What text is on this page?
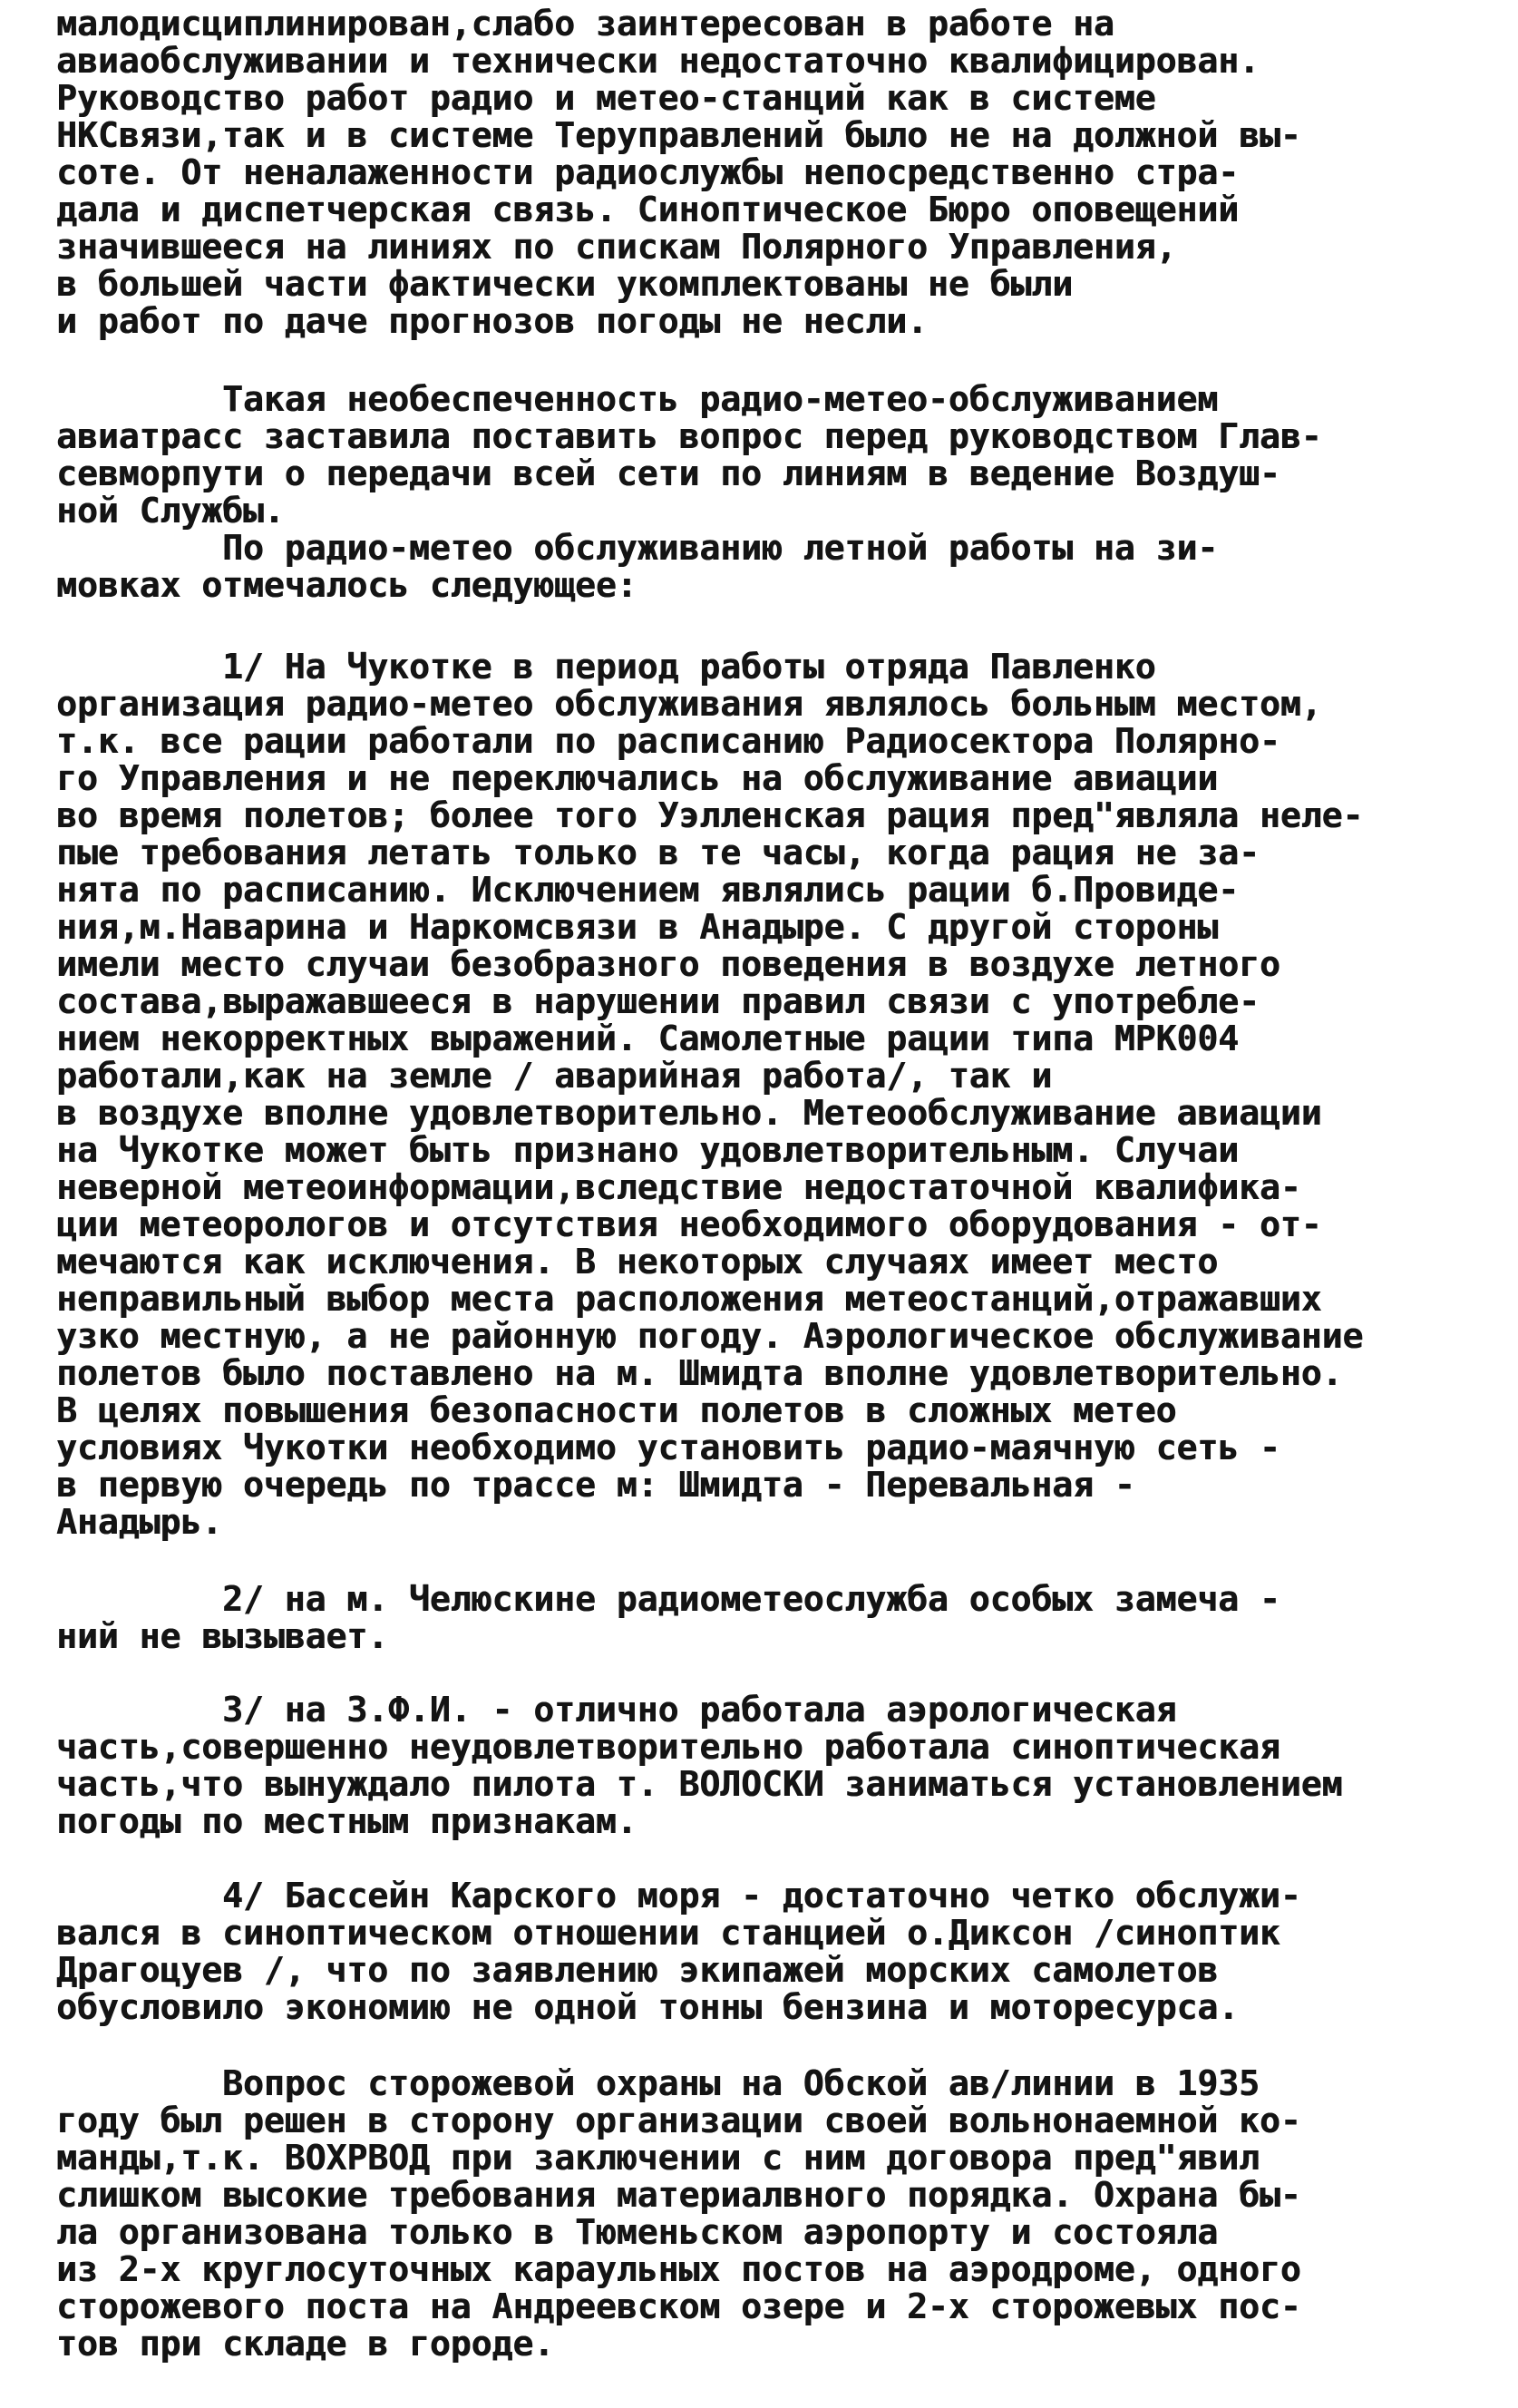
малодисциплинирован,слабо заинтересован в работе на
авиаобслуживании и технически недостаточно квалифицирован.
Руководство работ радио и метео-станций как в системе
НКСвязи,так и в системе Теруправлений было не на должной вы-
соте. От неналаженности радиослужбы непосредственно стра-
дала и диспетчерская связь. Синоптическое Бюро оповещений
значившееся на линиях по спискам Полярного Управления,
в большей части фактически укомплектованы не были
и работ по даче прогнозов погоды не несли.
Такая необеспеченность радио-метео-обслуживанием
авиатрасс заставила поставить вопрос перед руководством Глав-
севморпути о передачи всей сети по линиям в ведение Воздуш-
ной Службы.
По радио-метео обслуживанию летной работы на зи-
мовках отмечалось следующее:
1/ На Чукотке в период работы отряда Павленко
организация радио-метео обслуживания являлось больным местом,
т.к. все рации работали по расписанию Радиосектора Полярно-
го Управления и не переключались на обслуживание авиации
во время полетов; более того Уэлленская рация пред"являла неле-
пые требования летать только в те часы, когда рация не за-
нята по расписанию. Исключением являлись рации б.Провиде-
ния,м.Наварина и Наркомсвязи в Анадыре. С другой стороны
имели место случаи безобразного поведения в воздухе летного
состава,выражавшееся в нарушении правил связи с употребле-
нием некорректных выражений. Самолетные рации типа МРК004
работали,как на земле / аварийная работа/, так и
в воздухе вполне удовлетворительно. Метеообслуживание авиации
на Чукотке может быть признано удовлетворительным. Случаи
неверной метеоинформации,вследствие недостаточной квалифика-
ции метеорологов и отсутствия необходимого оборудования - от-
мечаются как исключения. В некоторых случаях имеет место
неправильный выбор места расположения метеостанций,отражавших
узко местную, а не районную погоду. Аэрологическое обслуживание
полетов было поставлено на м. Шмидта вполне удовлетворительно.
В целях повышения безопасности полетов в сложных метео
условиях Чукотки необходимо установить радио-маячную сеть -
в первую очередь по трассе м: Шмидта - Перевальная -
Анадырь.
2/ на м. Челюскине радиометеослужба особых замеча -
ний не вызывает.
3/ на З.Ф.И. - отлично работала аэрологическая
часть,совершенно неудовлетворительно работала синоптическая
часть,что вынуждало пилота т. ВОЛОСКИ заниматься установлением
погоды по местным признакам.
4/ Бассейн Карского моря - достаточно четко обслужи-
вался в синоптическом отношении станцией о.Диксон /синоптик
Драгоцуев /, что по заявлению экипажей морских самолетов
обусловило экономию не одной тонны бензина и моторесурса.
Вопрос сторожевой охраны на Обской ав/линии в 1935
году был решен в сторону организации своей вольнонаемной ко-
манды,т.к. ВОХРВОД при заключении с ним договора пред"явил
слишком высокие требования материалвного порядка. Охрана бы-
ла организована только в Тюменьском аэропорту и состояла
из 2-х круглосуточных караульных постов на аэродроме, одного
сторожевого поста на Андреевском озере и 2-х сторожевых пос-
тов при складе в городе.
